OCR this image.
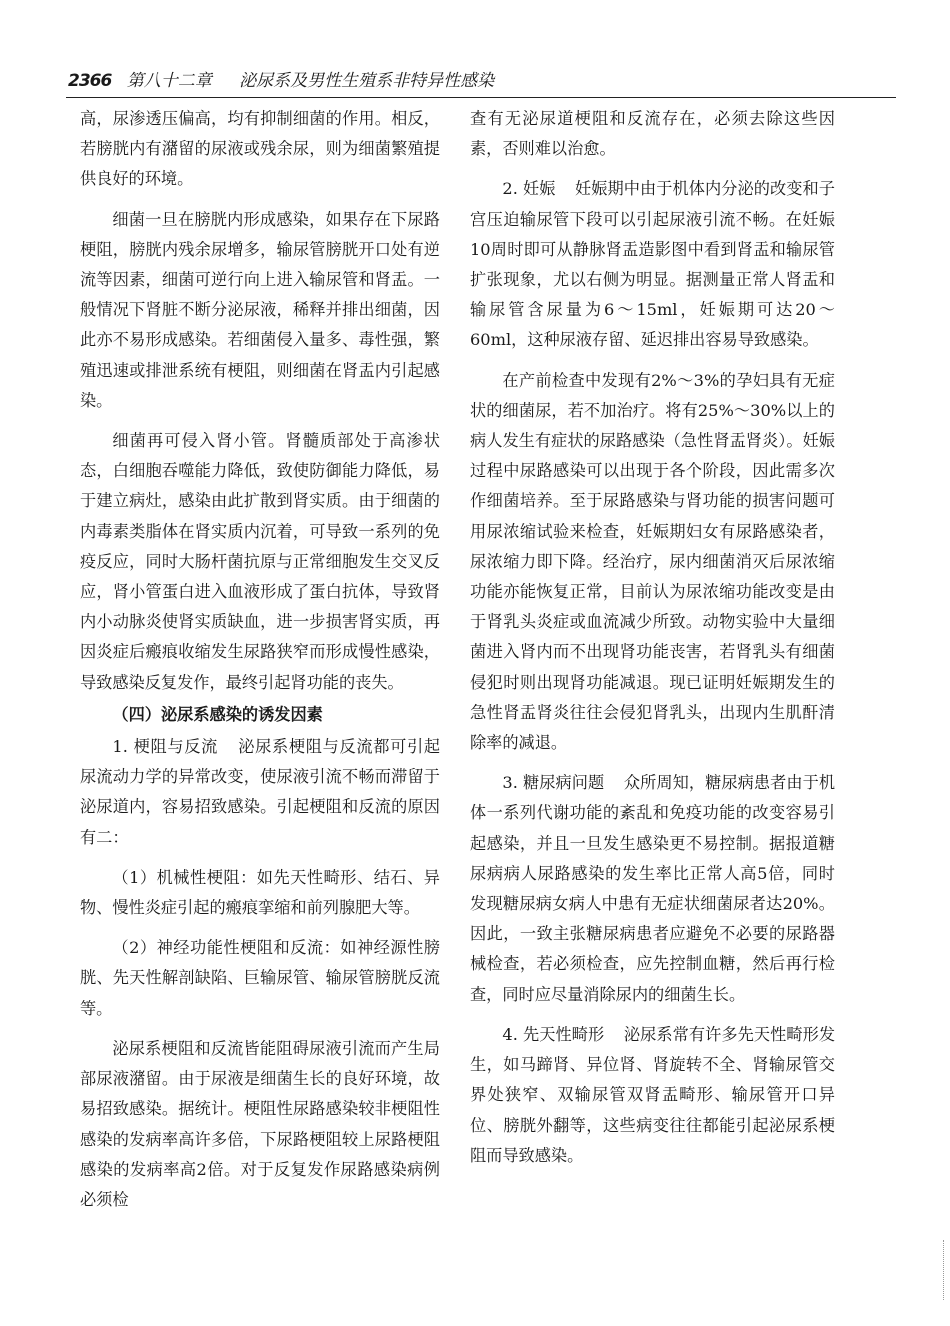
2366 第八十二章 泌尿系及男性生殖系非特异性感染

高，尿渗透压偏高，均有抑制细菌的作用。相反，若膀胱内有潴留的尿液或残余尿，则为细菌繁殖提供良好的环境。

细菌一旦在膀胱内形成感染，如果存在下尿路梗阻，膀胱内残余尿增多，输尿管膀胱开口处有逆流等因素，细菌可逆行向上进入输尿管和肾盂。一般情况下肾脏不断分泌尿液，稀释并排出细菌，因此亦不易形成感染。若细菌侵入量多、毒性强，繁殖迅速或排泄系统有梗阻，则细菌在肾盂内引起感染。

细菌再可侵入肾小管。肾髓质部处于高渗状态，白细胞吞噬能力降低，致使防御能力降低，易于建立病灶，感染由此扩散到肾实质。由于细菌的内毒素类脂体在肾实质内沉着，可导致一系列的免疫反应，同时大肠杆菌抗原与正常细胞发生交叉反应，肾小管蛋白进入血液形成了蛋白抗体，导致肾内小动脉炎使肾实质缺血，进一步损害肾实质，再因炎症后瘢痕收缩发生尿路狭窄而形成慢性感染，导致感染反复发作，最终引起肾功能的丧失。

（四）泌尿系感染的诱发因素

1. 梗阻与反流 泌尿系梗阻与反流都可引起尿流动力学的异常改变，使尿液引流不畅而滞留于泌尿道内，容易招致感染。引起梗阻和反流的原因有二：

（1）机械性梗阻：如先天性畸形、结石、异物、慢性炎症引起的瘢痕挛缩和前列腺肥大等。

（2）神经功能性梗阻和反流：如神经源性膀胱、先天性解剖缺陷、巨输尿管、输尿管膀胱反流等。

泌尿系梗阻和反流皆能阻碍尿液引流而产生局部尿液潴留。由于尿液是细菌生长的良好环境，故易招致感染。据统计。梗阻性尿路感染较非梗阻性感染的发病率高许多倍，下尿路梗阻较上尿路梗阻感染的发病率高2倍。对于反复发作尿路感染病例必须检

查有无泌尿道梗阻和反流存在，必须去除这些因素，否则难以治愈。

2. 妊娠 妊娠期中由于机体内分泌的改变和子宫压迫输尿管下段可以引起尿液引流不畅。在妊娠10周时即可从静脉肾盂造影图中看到肾盂和输尿管扩张现象，尤以右侧为明显。据测量正常人肾盂和输尿管含尿量为6～15ml，妊娠期可达20～60ml，这种尿液存留、延迟排出容易导致感染。

在产前检查中发现有2%～3%的孕妇具有无症状的细菌尿，若不加治疗。将有25%～30%以上的病人发生有症状的尿路感染（急性肾盂肾炎）。妊娠过程中尿路感染可以出现于各个阶段，因此需多次作细菌培养。至于尿路感染与肾功能的损害问题可用尿浓缩试验来检查，妊娠期妇女有尿路感染者，尿浓缩力即下降。经治疗，尿内细菌消灭后尿浓缩功能亦能恢复正常，目前认为尿浓缩功能改变是由于肾乳头炎症或血流减少所致。动物实验中大量细菌进入肾内而不出现肾功能丧害，若肾乳头有细菌侵犯时则出现肾功能减退。现已证明妊娠期发生的急性肾盂肾炎往往会侵犯肾乳头，出现内生肌酐清除率的减退。

3. 糖尿病问题 众所周知，糖尿病患者由于机体一系列代谢功能的紊乱和免疫功能的改变容易引起感染，并且一旦发生感染更不易控制。据报道糖尿病病人尿路感染的发生率比正常人高5倍，同时发现糖尿病女病人中患有无症状细菌尿者达20%。因此，一致主张糖尿病患者应避免不必要的尿路器械检查，若必须检查，应先控制血糖，然后再行检查，同时应尽量消除尿内的细菌生长。

4. 先天性畸形 泌尿系常有许多先天性畸形发生，如马蹄肾、异位肾、肾旋转不全、肾输尿管交界处狭窄、双输尿管双肾盂畸形、输尿管开口异位、膀胱外翻等，这些病变往往都能引起泌尿系梗阻而导致感染。
